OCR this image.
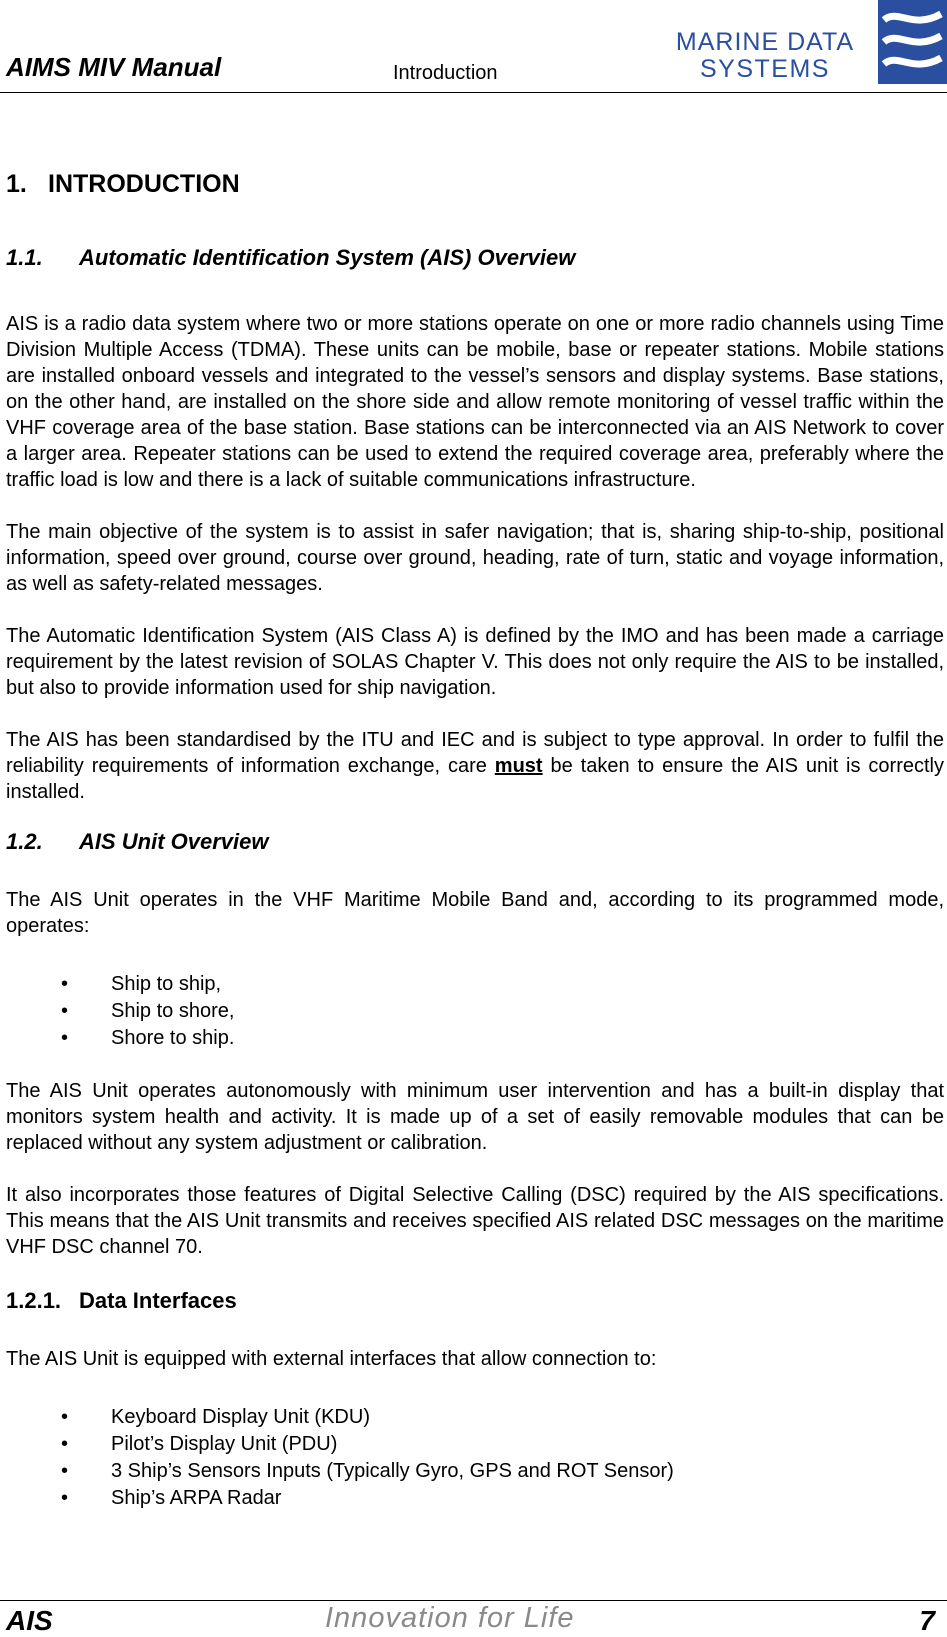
AIMS MIV Manual	Introduction
MARINE DATA
SYSTEMS
1. INTRODUCTION
1.1. Automatic Identification System (AIS) Overview

AIS is a radio data system where two or more stations operate on one or more radio channels using Time Division Multiple Access (TDMA). These units can be mobile, base or repeater stations. Mobile stations are installed onboard vessels and integrated to the vessel’s sensors and display systems. Base stations, on the other hand, are installed on the shore side and allow remote monitoring of vessel traffic within the VHF coverage area of the base station. Base stations can be interconnected via an AIS Network to cover a larger area. Repeater stations can be used to extend the required coverage area, preferably where the traffic load is low and there is a lack of suitable communications infrastructure.

The main objective of the system is to assist in safer navigation; that is, sharing ship-to-ship, positional information, speed over ground, course over ground, heading, rate of turn, static and voyage information, as well as safety-related messages.

The Automatic Identification System (AIS Class A) is defined by the IMO and has been made a carriage requirement by the latest revision of SOLAS Chapter V. This does not only require the AIS to be installed, but also to provide information used for ship navigation.

The AIS has been standardised by the ITU and IEC and is subject to type approval. In order to fulfil the reliability requirements of information exchange, care must be taken to ensure the AIS unit is correctly installed.

1.2. AIS Unit Overview

The AIS Unit operates in the VHF Maritime Mobile Band and, according to its programmed mode, operates:

• Ship to ship,
• Ship to shore,
• Shore to ship.

The AIS Unit operates autonomously with minimum user intervention and has a built-in display that monitors system health and activity. It is made up of a set of easily removable modules that can be replaced without any system adjustment or calibration.

It also incorporates those features of Digital Selective Calling (DSC) required by the AIS specifications. This means that the AIS Unit transmits and receives specified AIS related DSC messages on the maritime VHF DSC channel 70.

1.2.1. Data Interfaces

The AIS Unit is equipped with external interfaces that allow connection to:

• Keyboard Display Unit (KDU)
• Pilot’s Display Unit (PDU)
• 3 Ship’s Sensors Inputs (Typically Gyro, GPS and ROT Sensor)
• Ship’s ARPA Radar
AIS	Innovation for Life	7
